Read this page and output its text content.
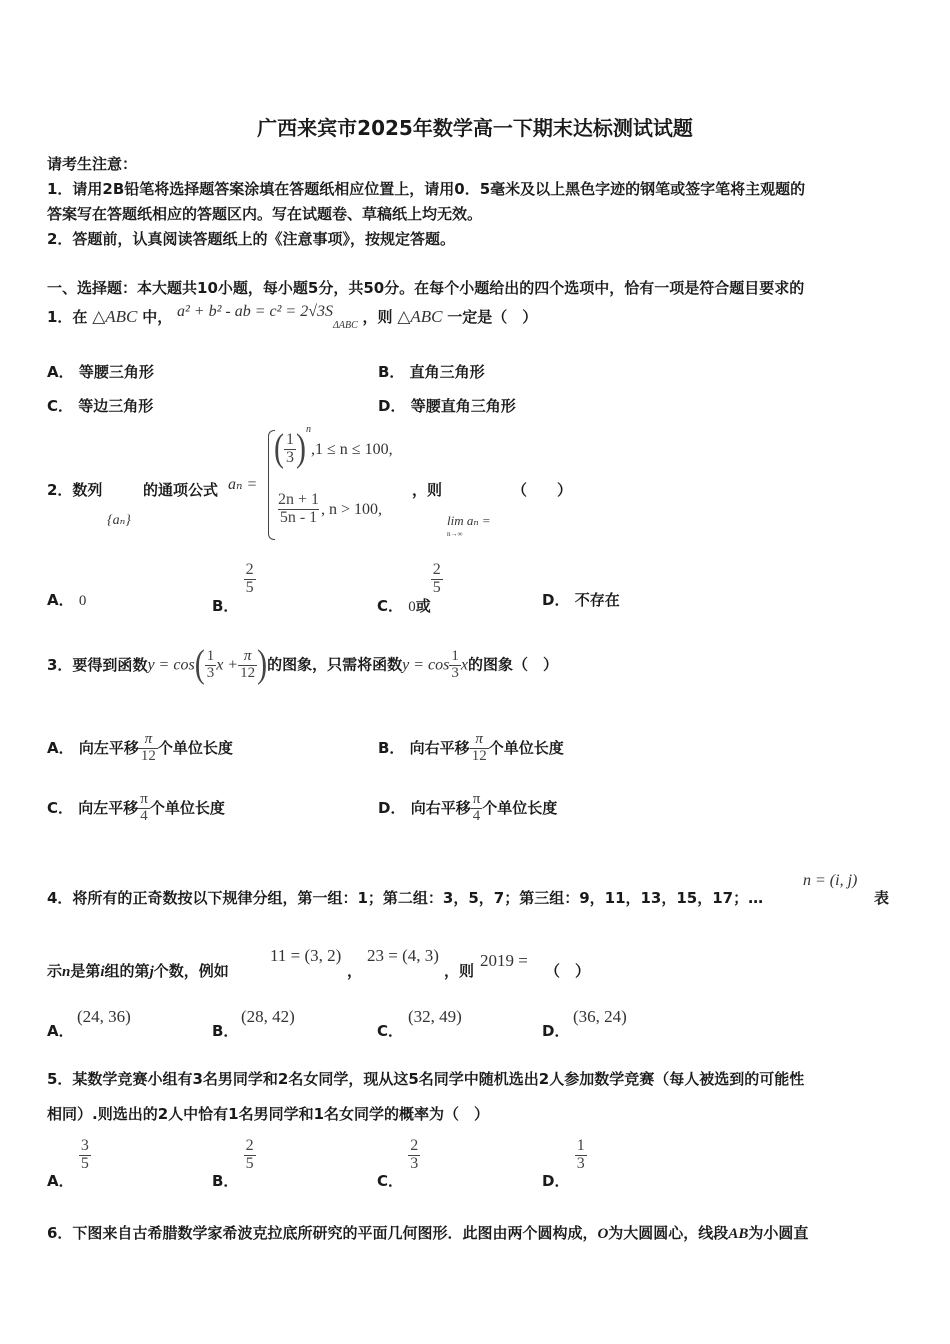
广西来宾市2025年数学高一下期末达标测试试题
请考生注意：
1．请用2B铅笔将选择题答案涂填在答题纸相应位置上，请用0．5毫米及以上黑色字迹的钢笔或签字笔将主观题的
答案写在答题纸相应的答题区内。写在试题卷、草稿纸上均无效。
2．答题前，认真阅读答题纸上的《注意事项》，按规定答题。
一、选择题：本大题共10小题，每小题5分，共50分。在每个小题给出的四个选项中，恰有一项是符合题目要求的
1．在 △ABC 中， a² + b² - ab = $c^2 = 2√3S_{\Delta ABC}$ ，则 △ABC 一定是（　）
A． 等腰三角形	B． 直角三角形
C． 等边三角形	D． 等腰直角三角形
2．数列
{aₙ}
的通项公式 aₙ =
( $\frac{1}{3} )^n,1 \le n \le 100$,
$\frac{2n + 1}{5n - 1}$ , n > 100,
，则
lim aₙ =
n→∞
（　　）
A． 0	B．
$\frac{2}{5}$
C． 0或
$\frac{2}{5}$
D． 不存在
3．要得到函数$y = \cos( \frac{1}{3}$ $x + \frac{\pi}{12}$ )的图象，只需将函数$y = \cos \frac{1}{3}$ x的图象（　）
A． 向左平移 $\frac{\pi}{12}$ 个单位长度	B． 向右平移 $\frac{\pi}{12}$ 个单位长度
C． 向左平移 $\frac{\pi}{4}$ 个单位长度	D． 向右平移 $\frac{\pi}{4}$ 个单位长度
4．将所有的正奇数按以下规律分组，第一组：1；第二组：3，5，7；第三组：9，11，13，15，17；…
n = (i, j)
表
示n是第i组的第j个数，例如
11 = (3, 2)
，
23 = (4, 3)
，则
2019 =
（　）
A．
(24, 36)
B．
(28, 42)
C．
(32, 49)
D．
(36, 24)
5．某数学竞赛小组有3名男同学和2名女同学，现从这5名同学中随机选出2人参加数学竞赛（每人被选到的可能性
相同）.则选出的2人中恰有1名男同学和1名女同学的概率为（　）
A．
$\frac{3}{5}$
B．
$\frac{2}{5}$
C．
$\frac{2}{3}$
D．
$\frac{1}{3}$
6．下图来自古希腊数学家希波克拉底所研究的平面几何图形．此图由两个圆构成，O为大圆圆心，线段AB为小圆直
